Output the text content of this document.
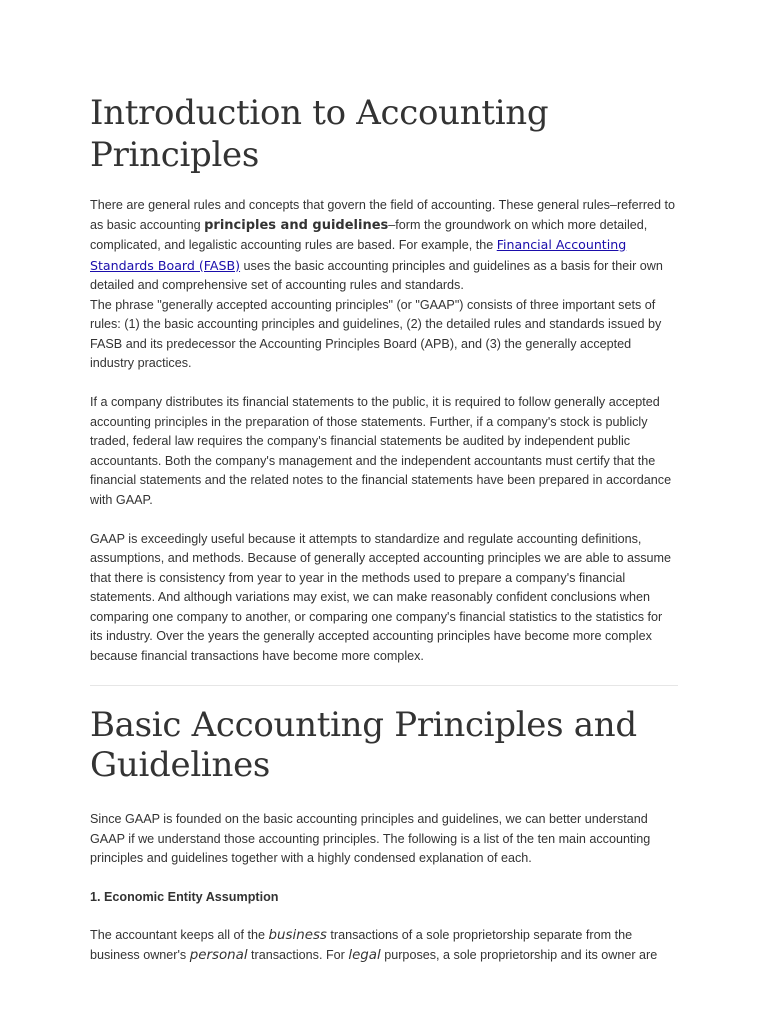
Introduction to Accounting Principles

There are general rules and concepts that govern the field of accounting. These general rules–referred to as basic accounting principles and guidelines–form the groundwork on which more detailed, complicated, and legalistic accounting rules are based. For example, the Financial Accounting Standards Board (FASB) uses the basic accounting principles and guidelines as a basis for their own detailed and comprehensive set of accounting rules and standards.

The phrase "generally accepted accounting principles" (or "GAAP") consists of three important sets of rules: (1) the basic accounting principles and guidelines, (2) the detailed rules and standards issued by FASB and its predecessor the Accounting Principles Board (APB), and (3) the generally accepted industry practices.

If a company distributes its financial statements to the public, it is required to follow generally accepted accounting principles in the preparation of those statements. Further, if a company's stock is publicly traded, federal law requires the company's financial statements be audited by independent public accountants. Both the company's management and the independent accountants must certify that the financial statements and the related notes to the financial statements have been prepared in accordance with GAAP.

GAAP is exceedingly useful because it attempts to standardize and regulate accounting definitions, assumptions, and methods. Because of generally accepted accounting principles we are able to assume that there is consistency from year to year in the methods used to prepare a company's financial statements. And although variations may exist, we can make reasonably confident conclusions when comparing one company to another, or comparing one company's financial statistics to the statistics for its industry. Over the years the generally accepted accounting principles have become more complex because financial transactions have become more complex.

Basic Accounting Principles and Guidelines

Since GAAP is founded on the basic accounting principles and guidelines, we can better understand GAAP if we understand those accounting principles. The following is a list of the ten main accounting principles and guidelines together with a highly condensed explanation of each.

1. Economic Entity Assumption

The accountant keeps all of the business transactions of a sole proprietorship separate from the business owner's personal transactions. For legal purposes, a sole proprietorship and its owner are
